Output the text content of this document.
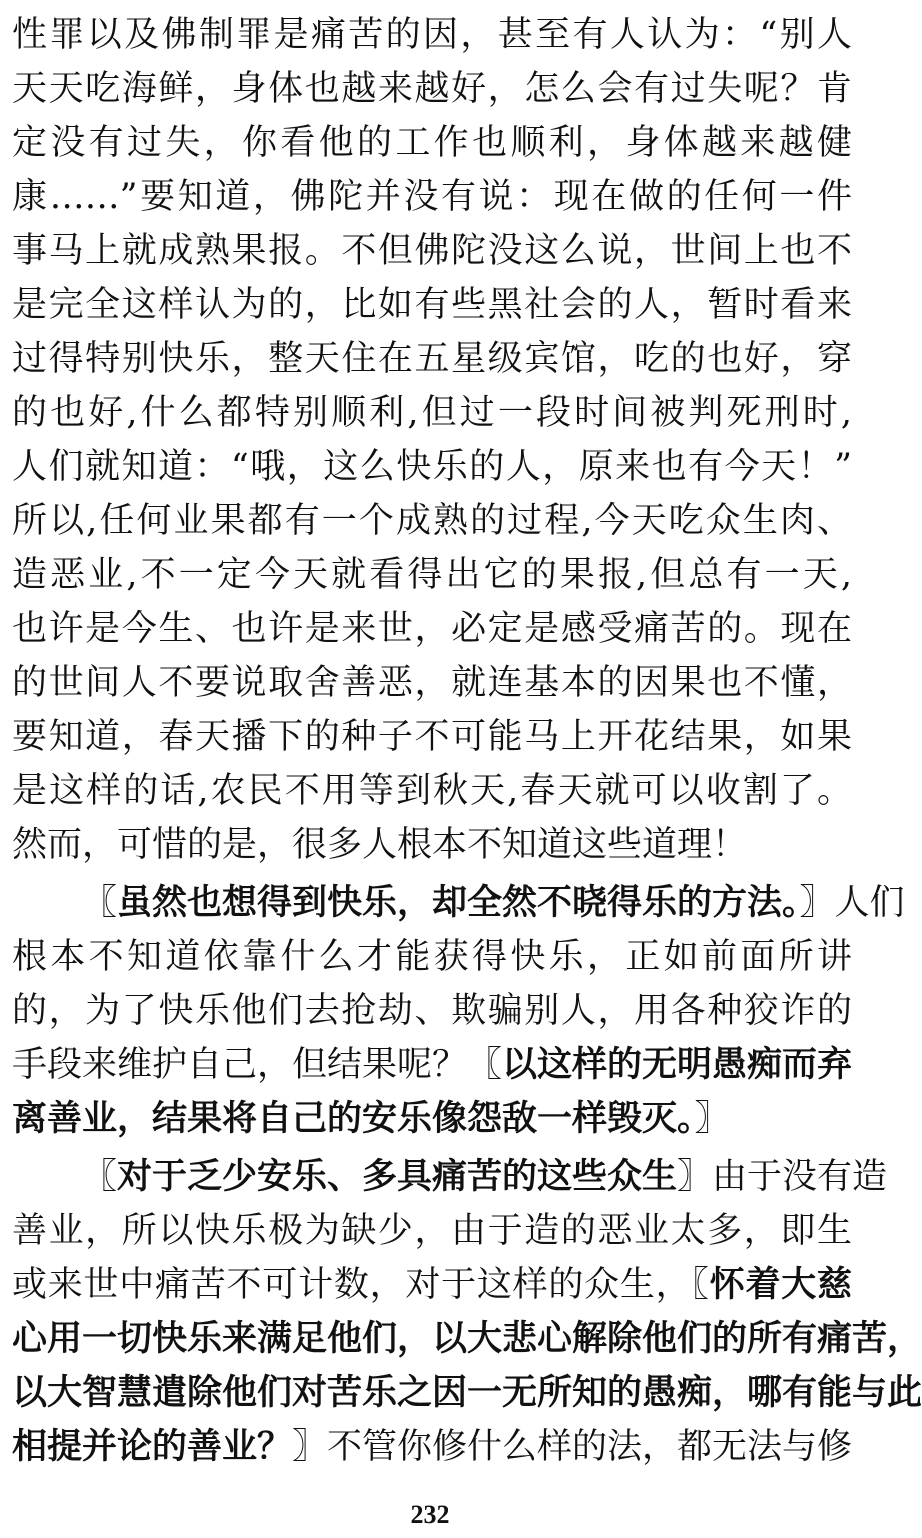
性罪以及佛制罪是痛苦的因，甚至有人认为：“别人
天天吃海鲜，身体也越来越好，怎么会有过失呢？肯
定没有过失，你看他的工作也顺利，身体越来越健
康……”要知道，佛陀并没有说：现在做的任何一件
事马上就成熟果报。不但佛陀没这么说，世间上也不
是完全这样认为的，比如有些黑社会的人，暂时看来
过得特别快乐，整天住在五星级宾馆，吃的也好，穿
的也好,什么都特别顺利,但过一段时间被判死刑时,
人们就知道：“哦，这么快乐的人，原来也有今天！”
所以,任何业果都有一个成熟的过程,今天吃众生肉、
造恶业,不一定今天就看得出它的果报,但总有一天,
也许是今生、也许是来世，必定是感受痛苦的。现在
的世间人不要说取舍善恶，就连基本的因果也不懂，
要知道，春天播下的种子不可能马上开花结果，如果
是这样的话,农民不用等到秋天,春天就可以收割了。
然而，可惜的是，很多人根本不知道这些道理！
〖虽然也想得到快乐，却全然不晓得乐的方法。〗人们
根本不知道依靠什么才能获得快乐，正如前面所讲
的，为了快乐他们去抢劫、欺骗别人，用各种狡诈的
手段来维护自己，但结果呢？〖以这样的无明愚痴而弃
离善业，结果将自己的安乐像怨敌一样毁灭。〗
〖对于乏少安乐、多具痛苦的这些众生〗由于没有造
善业，所以快乐极为缺少，由于造的恶业太多，即生
或来世中痛苦不可计数，对于这样的众生，〖怀着大慈
心用一切快乐来满足他们，以大悲心解除他们的所有痛苦，
以大智慧遣除他们对苦乐之因一无所知的愚痴，哪有能与此
相提并论的善业？〗不管你修什么样的法，都无法与修
232
